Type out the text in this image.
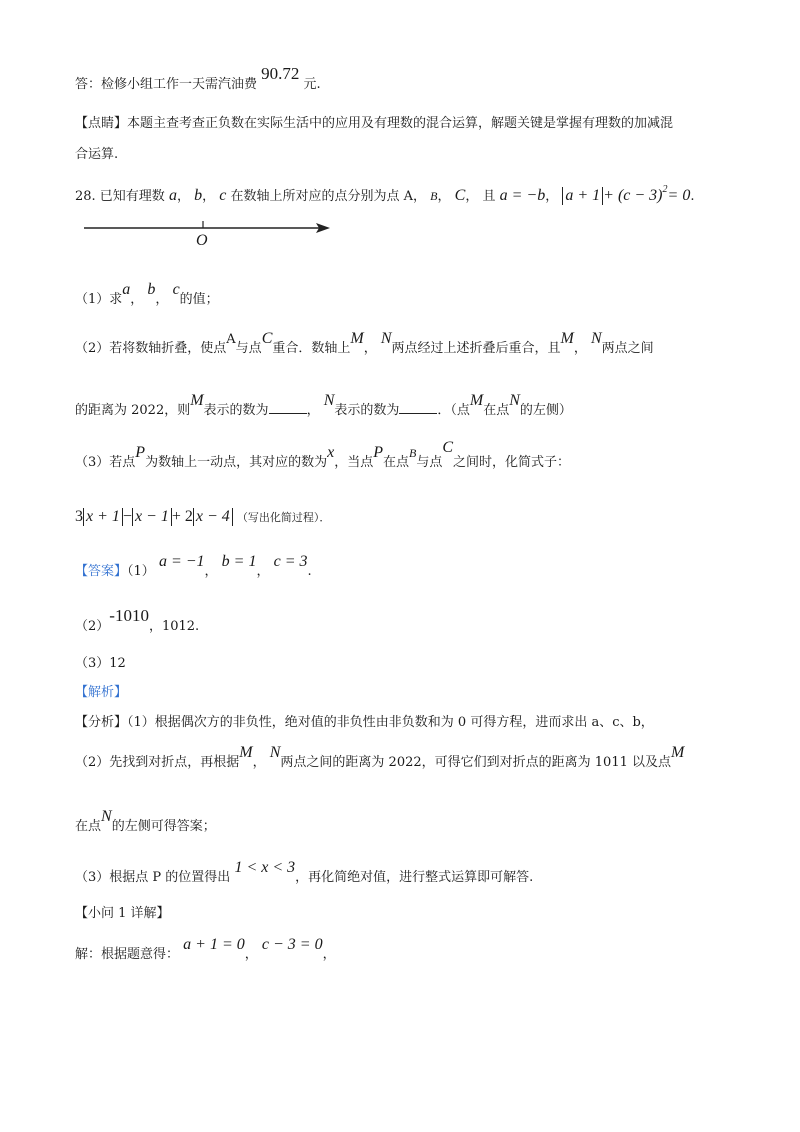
答：检修小组工作一天需汽油费 90.72 元.
【点睛】本题主查考查正负数在实际生活中的应用及有理数的混合运算，解题关键是掌握有理数的加减混
合运算.
28. 已知有理数 a， b， c 在数轴上所对应的点分别为点 A， B， C， 且 a = −b， $a + 1 + (c - 3)^2= 0$.
O
（1）求a， b， c的值；
（2）若将数轴折叠，使点A与点C重合．数轴上M， N两点经过上述折叠后重合，且M， N两点之间
的距离为 2022，则M表示的数为	， N表示的数为	．（点M在点N的左侧）
（3）若点P为数轴上一动点，其对应的数为x，当点P在点B与点C之间时，化简式子：
3 x + 1 − x − 1 + 2 x − 4 （写出化简过程）．
【答案】（1） a = −1， b = 1， c = 3.
（2）-1010，1012.
（3）12
【解析】
【分析】（1）根据偶次方的非负性，绝对值的非负性由非负数和为 0 可得方程，进而求出 a、c、b，
（2）先找到对折点，再根据M， N两点之间的距离为 2022，可得它们到对折点的距离为 1011 以及点M
在点N的左侧可得答案；
（3）根据点 P 的位置得出 1 < x < 3，再化简绝对值，进行整式运算即可解答.
【小问 1 详解】
解：根据题意得： a + 1 = 0， c − 3 = 0，
